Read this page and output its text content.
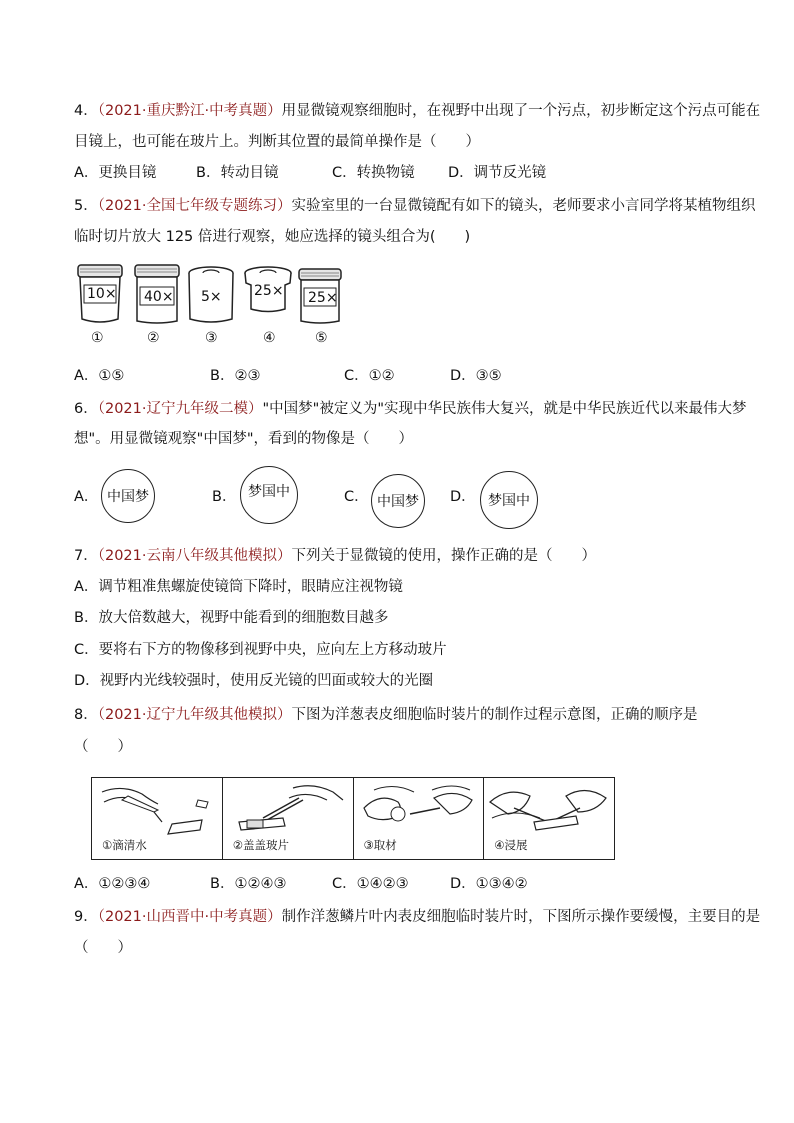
4．（2021·重庆黔江·中考真题）用显微镜观察细胞时，在视野中出现了一个污点，初步断定这个污点可能在
目镜上，也可能在玻片上。判断其位置的最简单操作是（　　）
A．更换目镜	B．转动目镜	C．转换物镜 D．调节反光镜
5．（2021·全国七年级专题练习）实验室里的一台显微镜配有如下的镜头，老师要求小言同学将某植物组织
临时切片放大 125 倍进行观察，她应选择的镜头组合为(　　)
10× 40× 5× 25× 25×
①	②	③	④	⑤
A．①⑤	B．②③	C．①②	D．③⑤
6．（2021·辽宁九年级二模）"中国梦"被定义为"实现中华民族伟大复兴，就是中华民族近代以来最伟大梦
想"。用显微镜观察"中国梦"，看到的物像是（　　）
A． 中国梦	B． 梦国中	C． 中国梦 D． 梦国中
7．（2021·云南八年级其他模拟）下列关于显微镜的使用，操作正确的是（　　）
A．调节粗准焦螺旋使镜筒下降时，眼睛应注视物镜
B．放大倍数越大，视野中能看到的细胞数目越多
C．要将右下方的物像移到视野中央，应向左上方移动玻片
D．视野内光线较强时，使用反光镜的凹面或较大的光圈
8．（2021·辽宁九年级其他模拟）下图为洋葱表皮细胞临时装片的制作过程示意图，正确的顺序是
（　　）
①滴清水	②盖盖玻片	③取材	④浸展
A．①②③④	B．①②④③	C．①④②③	D．①③④②
9．（2021·山西晋中·中考真题）制作洋葱鳞片叶内表皮细胞临时装片时，下图所示操作要缓慢，主要目的是
（　　）
